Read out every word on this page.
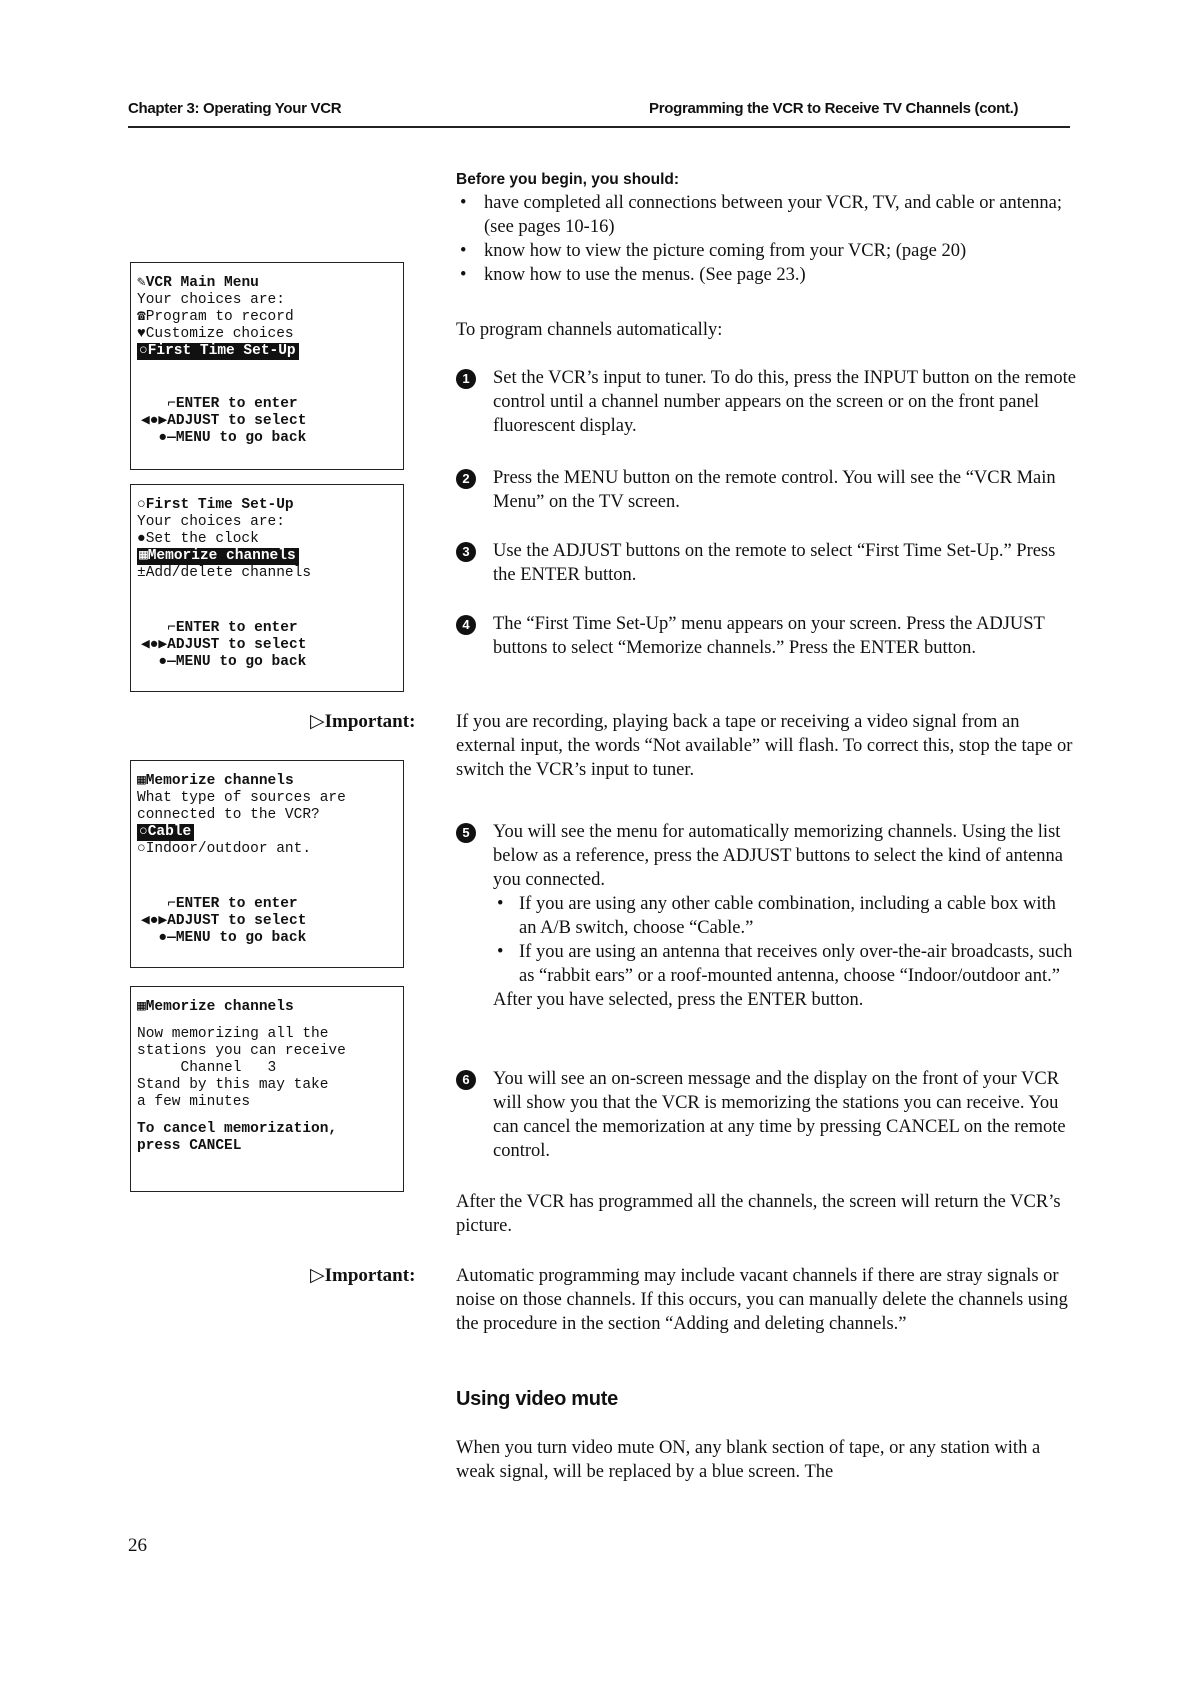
Chapter 3: Operating Your VCR	Programming the VCR to Receive TV Channels (cont.)
✎VCR Main Menu
Your choices are:
☎Program to record
♥Customize choices
○First Time Set-Up
⌐ENTER to enter
◀●▶ADJUST to select
●—MENU to go back
○First Time Set-Up
Your choices are:
●Set the clock
▦Memorize channels
±Add/delete channels
⌐ENTER to enter
◀●▶ADJUST to select
●—MENU to go back
▦Memorize channels
What type of sources are
connected to the VCR?
○Cable
○Indoor/outdoor ant.
⌐ENTER to enter
◀●▶ADJUST to select
●—MENU to go back
▦Memorize channels
Now memorizing all the
stations you can receive
Channel   3
Stand by this may take
a few minutes
To cancel memorization,
press CANCEL
Before you begin, you should:
• have completed all connections between your VCR, TV, and cable or antenna; (see pages 10-16)
• know how to view the picture coming from your VCR; (page 20)
• know how to use the menus. (See page 23.)
To program channels automatically:
1	Set the VCR’s input to tuner. To do this, press the INPUT button on the remote control until a channel number appears on the screen or on the front panel fluorescent display.
2	Press the MENU button on the remote control. You will see the “VCR Main Menu” on the TV screen.
3	Use the ADJUST buttons on the remote to select “First Time Set-Up.” Press the ENTER button.
4	The “First Time Set-Up” menu appears on your screen. Press the ADJUST buttons to select “Memorize channels.” Press the ENTER button.
▷Important: If you are recording, playing back a tape or receiving a video signal from an external input, the words “Not available” will flash. To correct this, stop the tape or switch the VCR’s input to tuner.
5	You will see the menu for automatically memorizing channels. Using the list below as a reference, press the ADJUST buttons to select the kind of antenna you connected.
• If you are using any other cable combination, including a cable box with an A/B switch, choose “Cable.”
• If you are using an antenna that receives only over-the-air broadcasts, such as “rabbit ears” or a roof-mounted antenna, choose “Indoor/outdoor ant.”
After you have selected, press the ENTER button.
6	You will see an on-screen message and the display on the front of your VCR will show you that the VCR is memorizing the stations you can receive. You can cancel the memorization at any time by pressing CANCEL on the remote control.
After the VCR has programmed all the channels, the screen will return the VCR’s picture.
▷Important: Automatic programming may include vacant channels if there are stray signals or noise on those channels. If this occurs, you can manually delete the channels using the procedure in the section “Adding and deleting channels.”
Using video mute
When you turn video mute ON, any blank section of tape, or any station with a weak signal, will be replaced by a blue screen. The
26
